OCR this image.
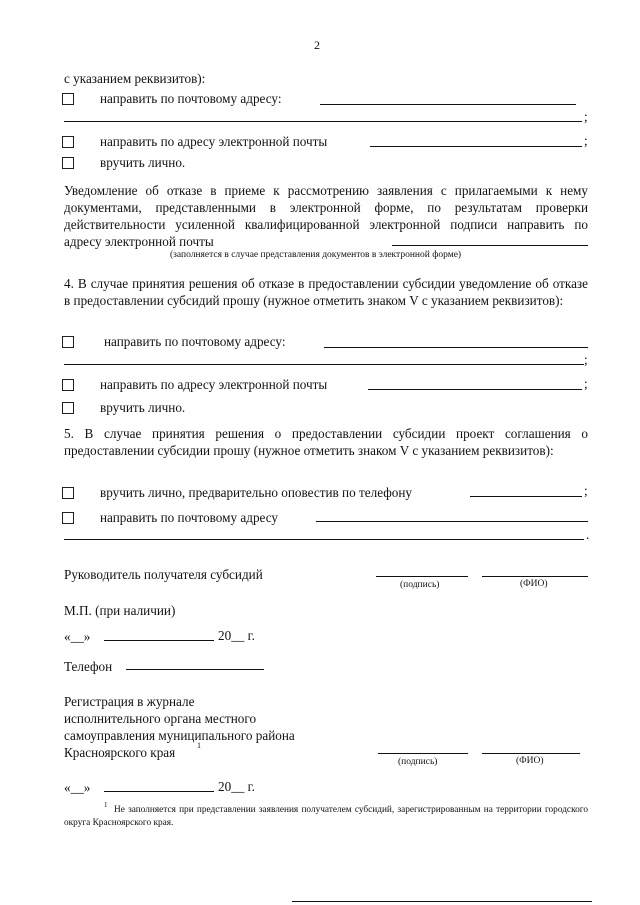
2
с указанием реквизитов):
направить по почтовому адресу:
;
направить по адресу электронной почты	;
вручить лично.
Уведомление об отказе в приеме к рассмотрению заявления с прилагаемыми к нему документами, представленными в электронной форме, по результатам проверки действительности усиленной квалифицированной электронной подписи направить по адресу электронной почты
(заполняется в случае представления документов в электронной форме)
4. В случае принятия решения об отказе в предоставлении субсидии уведомление об отказе в предоставлении субсидий прошу (нужное отметить знаком V с указанием реквизитов):
направить по почтовому адресу:
;
направить по адресу электронной почты	;
вручить лично.
5. В случае принятия решения о предоставлении субсидии проект соглашения о предоставлении субсидии прошу (нужное отметить знаком V с указанием реквизитов):
вручить лично, предварительно оповестив по телефону	;
направить по почтовому адресу
.
Руководитель получателя субсидий
(подпись)	(ФИО)
М.П. (при наличии)
«__»	20__ г.
Телефон
Регистрация в журнале
исполнительного органа местного
самоуправления муниципального района
Красноярского края	1
(подпись)	(ФИО)
«__»	20__ г.
1 Не заполняется при представлении заявления получателем субсидий, зарегистрированным на территории городского округа Красноярского края.
